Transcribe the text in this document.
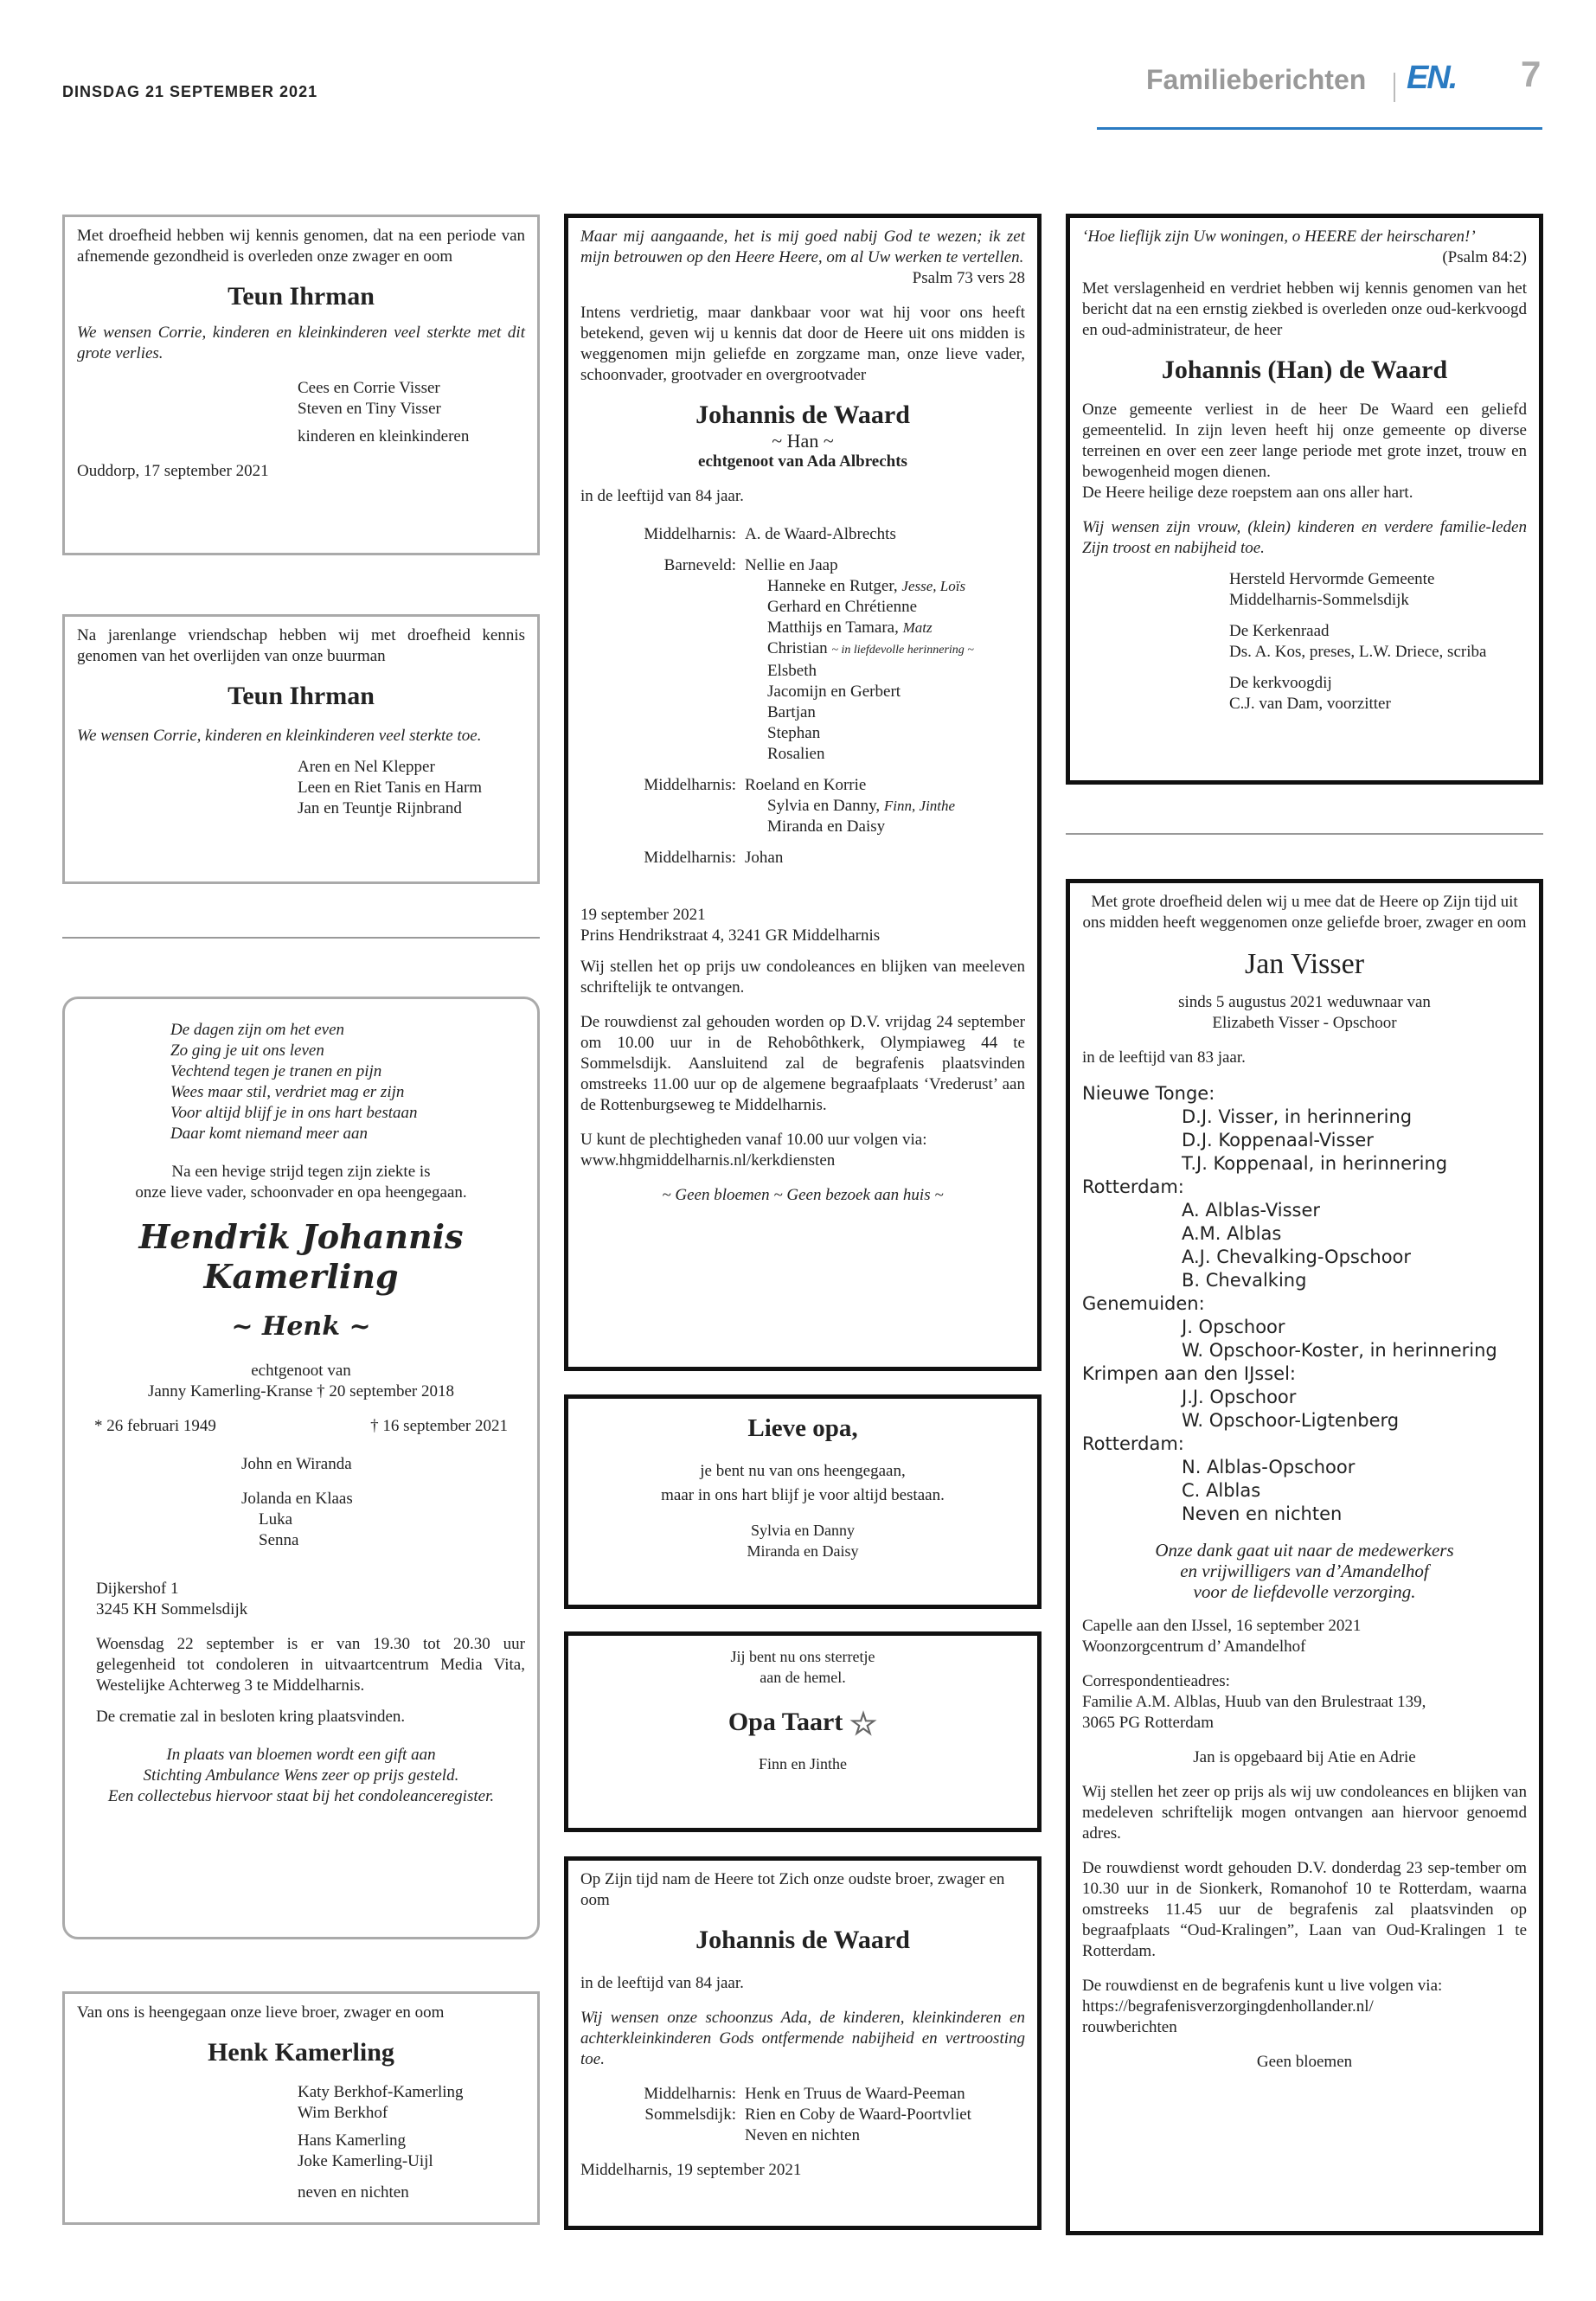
DINSDAG 21 SEPTEMBER 2021	Familieberichten EN. 7
Met droefheid hebben wij kennis genomen, dat na een periode van afnemende gezondheid is overleden onze zwager en oom
Teun Ihrman
We wensen Corrie, kinderen en kleinkinderen veel sterkte met dit grote verlies.
Cees en Corrie Visser
Steven en Tiny Visser
kinderen en kleinkinderen
Ouddorp, 17 september 2021
Na jarenlange vriendschap hebben wij met droefheid kennis genomen van het overlijden van onze buurman
Teun Ihrman
We wensen Corrie, kinderen en kleinkinderen veel sterkte toe.
Aren en Nel Klepper
Leen en Riet Tanis en Harm
Jan en Teuntje Rijnbrand
De dagen zijn om het even
Zo ging je uit ons leven
Vechtend tegen je tranen en pijn
Wees maar stil, verdriet mag er zijn
Voor altijd blijf je in ons hart bestaan
Daar komt niemand meer aan
Na een hevige strijd tegen zijn ziekte is
onze lieve vader, schoonvader en opa heengegaan.
Hendrik Johannis
Kamerling
~ Henk ~
echtgenoot van
Janny Kamerling-Kranse † 20 september 2018
* 26 februari 1949	† 16 september 2021
John en Wiranda
Jolanda en Klaas
Luka
Senna
Dijkershof 1
3245 KH Sommelsdijk
Woensdag 22 september is er van 19.30 tot 20.30 uur gelegenheid tot condoleren in uitvaartcentrum Media Vita, Westelijke Achterweg 3 te Middelharnis.
De crematie zal in besloten kring plaatsvinden.
In plaats van bloemen wordt een gift aan
Stichting Ambulance Wens zeer op prijs gesteld.
Een collectebus hiervoor staat bij het condoleanceregister.
Van ons is heengegaan onze lieve broer, zwager en oom
Henk Kamerling
Katy Berkhof-Kamerling
Wim Berkhof
Hans Kamerling
Joke Kamerling-Uijl
neven en nichten
Maar mij aangaande, het is mij goed nabij God te wezen; ik zet mijn betrouwen op den Heere Heere, om al Uw werken te vertellen.
Psalm 73 vers 28
Intens verdrietig, maar dankbaar voor wat hij voor ons heeft betekend, geven wij u kennis dat door de Heere uit ons midden is weggenomen mijn geliefde en zorgzame man, onze lieve vader, schoonvader, grootvader en overgrootvader
Johannis de Waard
~ Han ~
echtgenoot van Ada Albrechts
in de leeftijd van 84 jaar.
Middelharnis: A. de Waard-Albrechts
Barneveld: Nellie en Jaap
Hanneke en Rutger, Jesse, Loïs
Gerhard en Chrétienne
Matthijs en Tamara, Matz
Christian ~ in liefdevolle herinnering ~
Elsbeth
Jacomijn en Gerbert
Bartjan
Stephan
Rosalien
Middelharnis: Roeland en Korrie
Sylvia en Danny, Finn, Jinthe
Miranda en Daisy
Middelharnis: Johan
19 september 2021
Prins Hendrikstraat 4, 3241 GR Middelharnis
Wij stellen het op prijs uw condoleances en blijken van meeleven schriftelijk te ontvangen.
De rouwdienst zal gehouden worden op D.V. vrijdag 24 september om 10.00 uur in de Rehobôthkerk, Olympiaweg 44 te Sommelsdijk. Aansluitend zal de begrafenis plaatsvinden omstreeks 11.00 uur op de algemene begraafplaats ‘Vrederust’ aan de Rottenburgseweg te Middelharnis.
U kunt de plechtigheden vanaf 10.00 uur volgen via:
www.hhgmiddelharnis.nl/kerkdiensten
~ Geen bloemen ~ Geen bezoek aan huis ~
Lieve opa,
je bent nu van ons heengegaan,
maar in ons hart blijf je voor altijd bestaan.
Sylvia en Danny
Miranda en Daisy
Jij bent nu ons sterretje
aan de hemel.
Opa Taart ☆
Finn en Jinthe
Op Zijn tijd nam de Heere tot Zich onze oudste broer, zwager en oom
Johannis de Waard
in de leeftijd van 84 jaar.
Wij wensen onze schoonzus Ada, de kinderen, kleinkinderen en achterkleinkinderen Gods ontfermende nabijheid en vertroosting toe.
Middelharnis: Henk en Truus de Waard-Peeman
Sommelsdijk: Rien en Coby de Waard-Poortvliet
Neven en nichten
Middelharnis, 19 september 2021
‘Hoe lieflijk zijn Uw woningen, o HEERE der heirscharen!’
(Psalm 84:2)
Met verslagenheid en verdriet hebben wij kennis genomen van het bericht dat na een ernstig ziekbed is overleden onze oud-kerkvoogd en oud-administrateur, de heer
Johannis (Han) de Waard
Onze gemeente verliest in de heer De Waard een geliefd gemeentelid. In zijn leven heeft hij onze gemeente op diverse terreinen en over een zeer lange periode met grote inzet, trouw en bewogenheid mogen dienen.
De Heere heilige deze roepstem aan ons aller hart.
Wij wensen zijn vrouw, (klein) kinderen en verdere familie-leden Zijn troost en nabijheid toe.
Hersteld Hervormde Gemeente
Middelharnis-Sommelsdijk
De Kerkenraad
Ds. A. Kos, preses, L.W. Driece, scriba
De kerkvoogdij
C.J. van Dam, voorzitter
Met grote droefheid delen wij u mee dat de Heere op Zijn tijd uit ons midden heeft weggenomen onze geliefde broer, zwager en oom
Jan Visser
sinds 5 augustus 2021 weduwnaar van
Elizabeth Visser - Opschoor
in de leeftijd van 83 jaar.
Nieuwe Tonge:
D.J. Visser, in herinnering
D.J. Koppenaal-Visser
T.J. Koppenaal, in herinnering
Rotterdam:
A. Alblas-Visser
A.M. Alblas
A.J. Chevalking-Opschoor
B. Chevalking
Genemuiden:
J. Opschoor
W. Opschoor-Koster, in herinnering
Krimpen aan den IJssel:
J.J. Opschoor
W. Opschoor-Ligtenberg
Rotterdam:
N. Alblas-Opschoor
C. Alblas
Neven en nichten
Onze dank gaat uit naar de medewerkers
en vrijwilligers van d’Amandelhof
voor de liefdevolle verzorging.
Capelle aan den IJssel, 16 september 2021
Woonzorgcentrum d’ Amandelhof
Correspondentieadres:
Familie A.M. Alblas, Huub van den Brulestraat 139,
3065 PG Rotterdam
Jan is opgebaard bij Atie en Adrie
Wij stellen het zeer op prijs als wij uw condoleances en blijken van medeleven schriftelijk mogen ontvangen aan hiervoor genoemd adres.
De rouwdienst wordt gehouden D.V. donderdag 23 sep-tember om 10.30 uur in de Sionkerk, Romanohof 10 te Rotterdam, waarna omstreeks 11.45 uur de begrafenis zal plaatsvinden op begraafplaats “Oud-Kralingen”, Laan van Oud-Kralingen 1 te Rotterdam.
De rouwdienst en de begrafenis kunt u live volgen via:
https://begrafenisverzorgingdenhollander.nl/
rouwberichten
Geen bloemen
